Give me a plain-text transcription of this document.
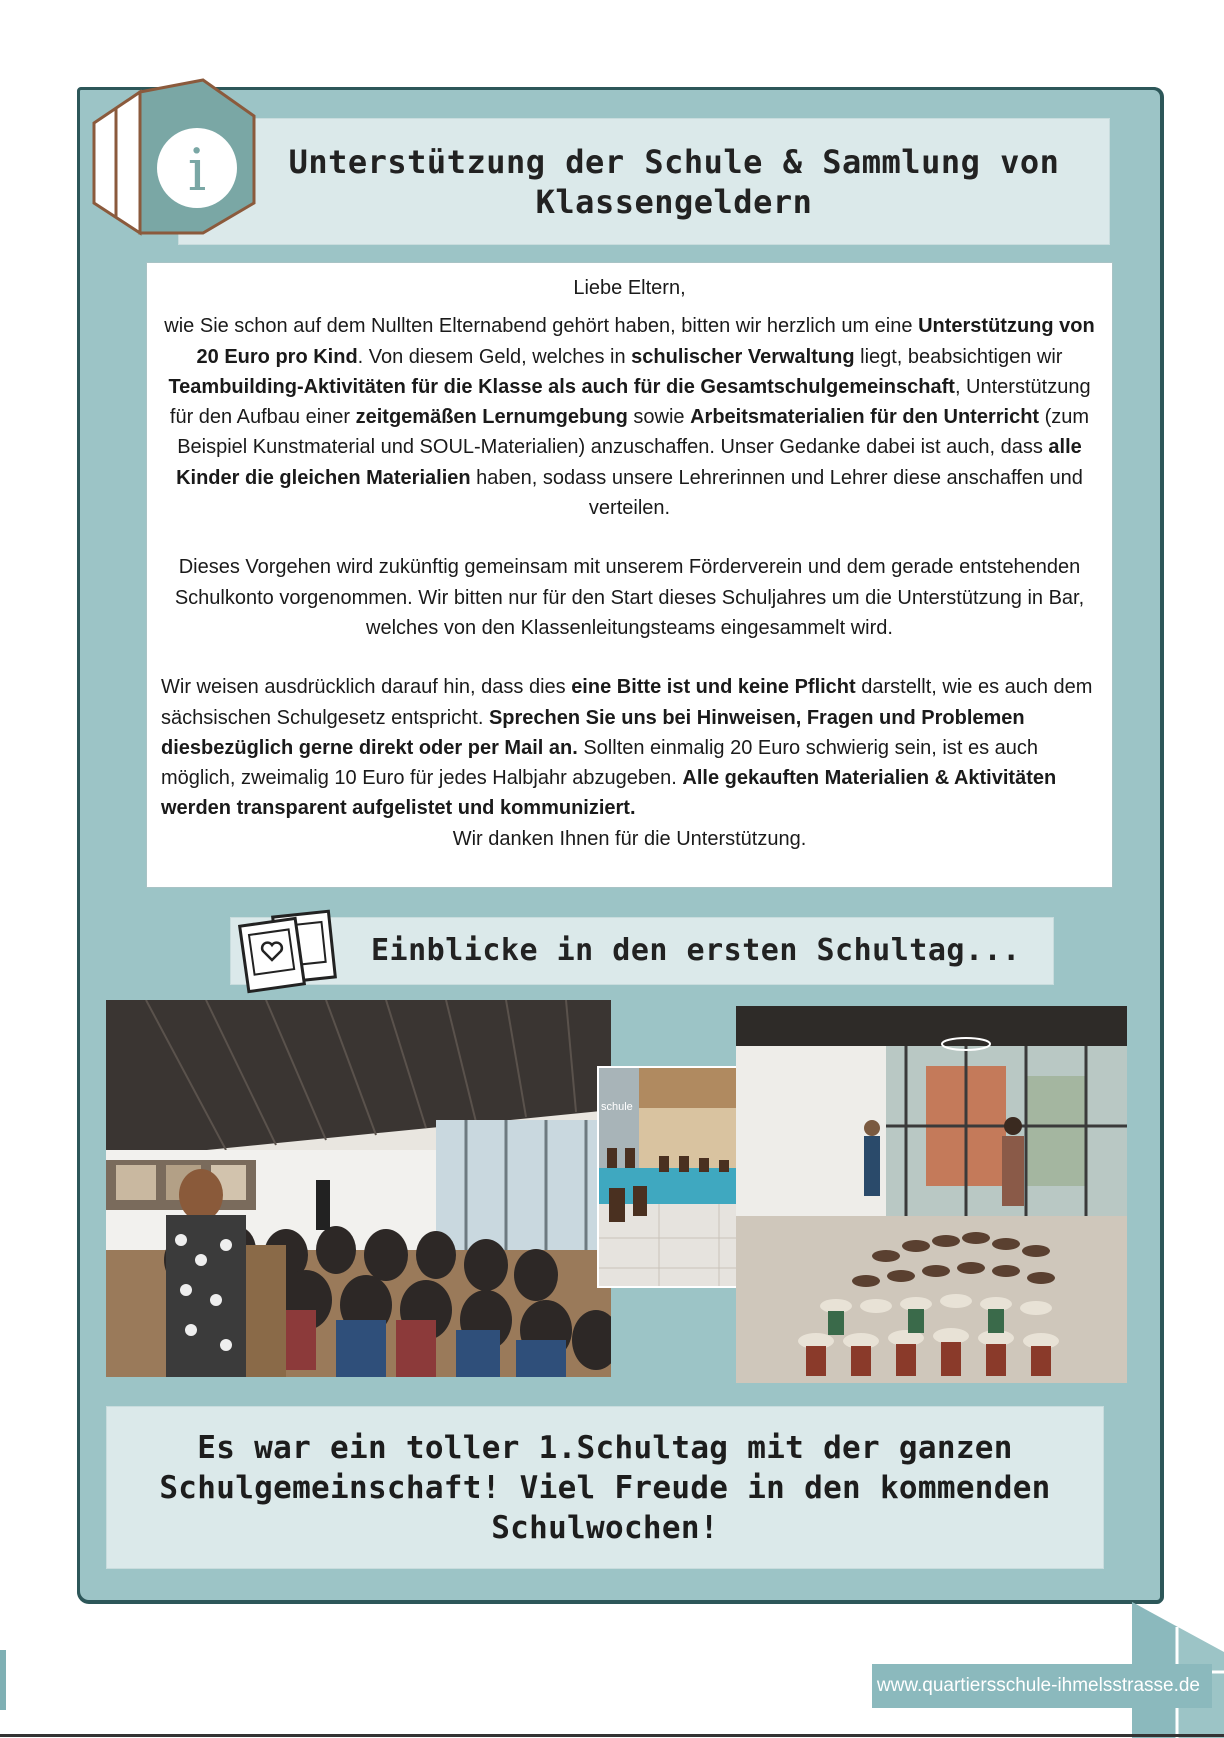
Unterstützung der Schule & Sammlung von Klassengeldern
i

Liebe Eltern,

wie Sie schon auf dem Nullten Elternabend gehört haben, bitten wir herzlich um eine Unterstützung von 20 Euro pro Kind. Von diesem Geld, welches in schulischer Verwaltung liegt, beabsichtigen wir Teambuilding-Aktivitäten für die Klasse als auch für die Gesamtschulgemeinschaft, Unterstützung für den Aufbau einer zeitgemäßen Lernumgebung sowie Arbeitsmaterialien für den Unterricht (zum Beispiel Kunstmaterial und SOUL-Materialien) anzuschaffen. Unser Gedanke dabei ist auch, dass alle Kinder die gleichen Materialien haben, sodass unsere Lehrerinnen und Lehrer diese anschaffen und verteilen.

Dieses Vorgehen wird zukünftig gemeinsam mit unserem Förderverein und dem gerade entstehenden Schulkonto vorgenommen. Wir bitten nur für den Start dieses Schuljahres um die Unterstützung in Bar, welches von den Klassenleitungsteams eingesammelt wird.

Wir weisen ausdrücklich darauf hin, dass dies eine Bitte ist und keine Pflicht darstellt, wie es auch dem sächsischen Schulgesetz entspricht. Sprechen Sie uns bei Hinweisen, Fragen und Problemen diesbezüglich gerne direkt oder per Mail an. Sollten einmalig 20 Euro schwierig sein, ist es auch möglich, zweimalig 10 Euro für jedes Halbjahr abzugeben. Alle gekauften Materialien & Aktivitäten werden transparent aufgelistet und kommuniziert.

Wir danken Ihnen für die Unterstützung.

Einblicke in den ersten Schultag...
schule

Es war ein toller 1.Schultag mit der ganzen Schulgemeinschaft! Viel Freude in den kommenden Schulwochen!

www.quartiersschule-ihmelsstrasse.de
